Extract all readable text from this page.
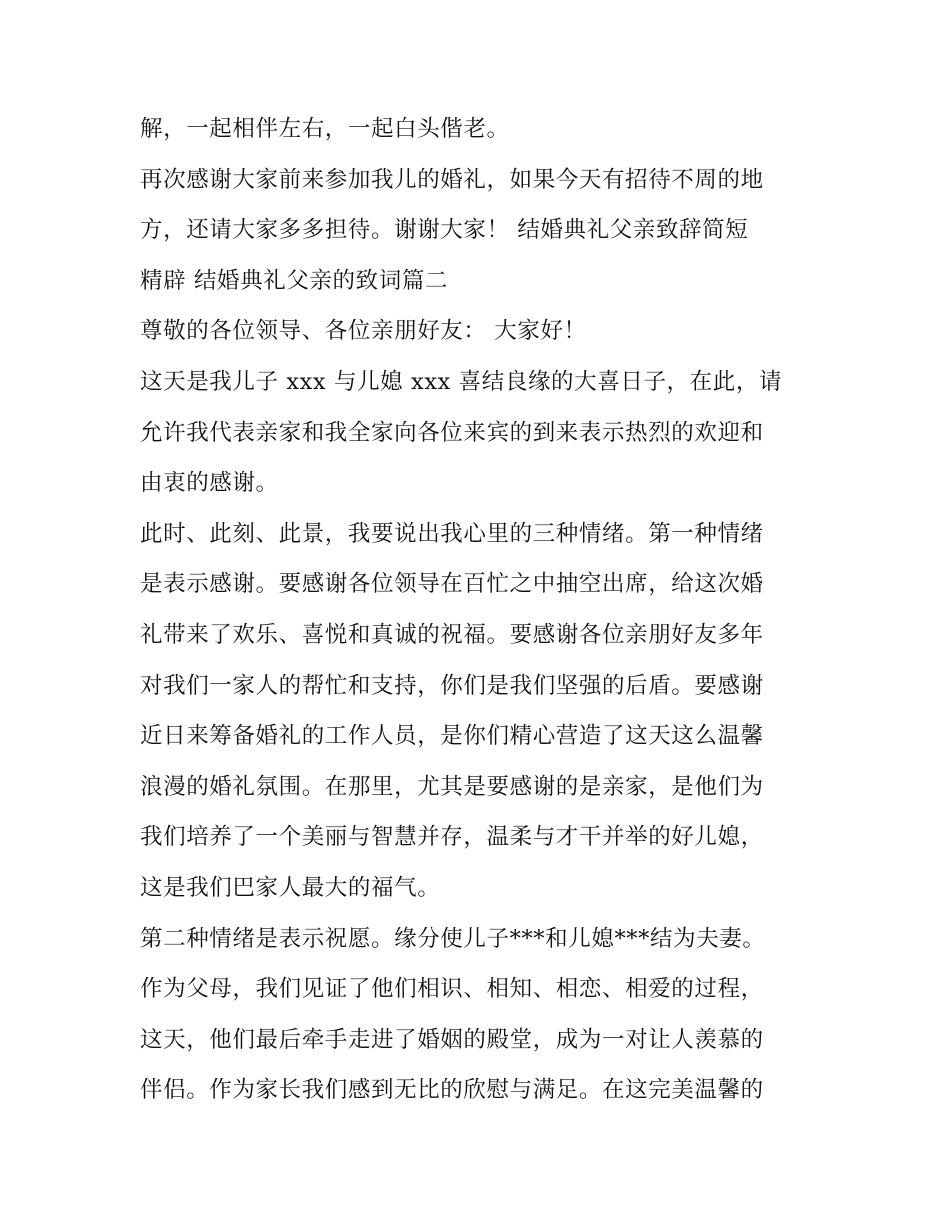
解，一起相伴左右，一起白头偕老。
再次感谢大家前来参加我儿的婚礼，如果今天有招待不周的地
方，还请大家多多担待。谢谢大家！ 结婚典礼父亲致辞简短
精辟 结婚典礼父亲的致词篇二
尊敬的各位领导、各位亲朋好友： 大家好！
这天是我儿子 xxx 与儿媳 xxx 喜结良缘的大喜日子，在此，请
允许我代表亲家和我全家向各位来宾的到来表示热烈的欢迎和
由衷的感谢。
此时、此刻、此景，我要说出我心里的三种情绪。第一种情绪
是表示感谢。要感谢各位领导在百忙之中抽空出席，给这次婚
礼带来了欢乐、喜悦和真诚的祝福。要感谢各位亲朋好友多年
对我们一家人的帮忙和支持，你们是我们坚强的后盾。要感谢
近日来筹备婚礼的工作人员，是你们精心营造了这天这么温馨
浪漫的婚礼氛围。在那里，尤其是要感谢的是亲家，是他们为
我们培养了一个美丽与智慧并存，温柔与才干并举的好儿媳，
这是我们巴家人最大的福气。
第二种情绪是表示祝愿。缘分使儿子***和儿媳***结为夫妻。
作为父母，我们见证了他们相识、相知、相恋、相爱的过程，
这天，他们最后牵手走进了婚姻的殿堂，成为一对让人羡慕的
伴侣。作为家长我们感到无比的欣慰与满足。在这完美温馨的
